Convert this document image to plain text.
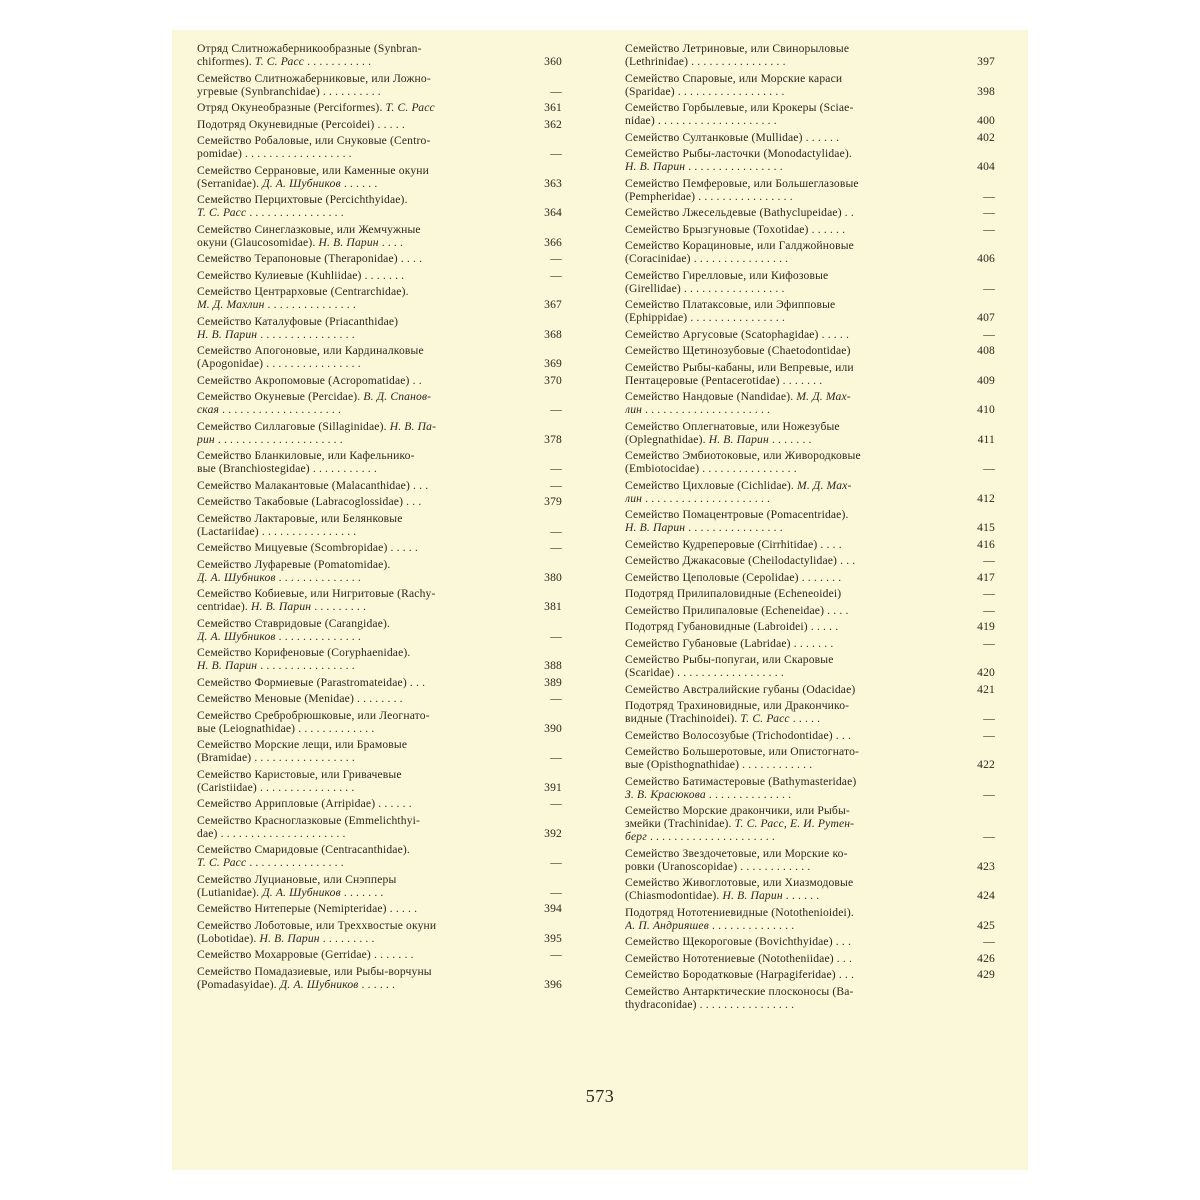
Отряд Слитножаберникообразные (Synbran-
chiformes). Т. С. Расс . . . . . . . . . . .	360
Семейство Слитножаберниковые, или Ложно-
угревые (Synbranchidae) . . . . . . . . . .	—
Отряд Окунеобразные (Perciformes). Т. С. Расс	361
Подотряд Окуневидные (Percoidei) . . . . .	362
Семейство Робаловые, или Снуковые (Centro-
pomidae) . . . . . . . . . . . . . . . . . .	—
Семейство Серрановые, или Каменные окуни
(Serranidae). Д. А. Шубников . . . . . .	363
Семейство Перцихтовые (Percichthyidae).
Т. С. Расс . . . . . . . . . . . . . . . .	364
Семейство Синеглазковые, или Жемчужные
окуни (Glaucosomidae). Н. В. Парин . . . .	366
Семейство Терапоновые (Theraponidae) . . . .	—
Семейство Кулиевые (Kuhliidae) . . . . . . .	—
Семейство Центрарховые (Centrarchidae).
М. Д. Махлин . . . . . . . . . . . . . . .	367
Семейство Каталуфовые (Priacanthidae)
Н. В. Парин . . . . . . . . . . . . . . . .	368
Семейство Апогоновые, или Кардиналковые
(Apogonidae) . . . . . . . . . . . . . . . .	369
Семейство Акропомовые (Acropomatidae) . .	370
Семейство Окуневые (Percidae). В. Д. Спанов-
ская . . . . . . . . . . . . . . . . . . . .	—
Семейство Силлаговые (Sillaginidae). Н. В. Па-
рин . . . . . . . . . . . . . . . . . . . . .	378
Семейство Бланкиловые, или Кафельнико-
вые (Branchiostegidae) . . . . . . . . . . .	—
Семейство Малакантовые (Malacanthidae) . . .	—
Семейство Такабовые (Labracoglossidae) . . .	379
Семейство Лактаровые, или Белянковые
(Lactariidae) . . . . . . . . . . . . . . . .	—
Семейство Мицуевые (Scombropidae) . . . . .	—
Семейство Луфаревые (Pomatomidae).
Д. А. Шубников . . . . . . . . . . . . . .	380
Семейство Кобиевые, или Нигритовые (Rachy-
centridae). Н. В. Парин . . . . . . . . .	381
Семейство Ставридовые (Carangidae).
Д. А. Шубников . . . . . . . . . . . . . .	—
Семейство Корифеновые (Coryphaenidae).
Н. В. Парин . . . . . . . . . . . . . . . .	388
Семейство Формиевые (Parastromateidae) . . .	389
Семейство Меновые (Menidae) . . . . . . . .	—
Семейство Сребробрюшковые, или Леогнато-
вые (Leiognathidae) . . . . . . . . . . . . .	390
Семейство Морские лещи, или Брамовые
(Bramidae) . . . . . . . . . . . . . . . . .	—
Семейство Каристовые, или Гривачевые
(Caristiidae) . . . . . . . . . . . . . . . .	391
Семейство Аррипловые (Arripidae) . . . . . .	—
Семейство Красноглазковые (Emmelichthyi-
dae) . . . . . . . . . . . . . . . . . . . . .	392
Семейство Смаридовые (Centracanthidae).
Т. С. Расс . . . . . . . . . . . . . . . .	—
Семейство Луциановые, или Снэпперы
(Lutianidae). Д. А. Шубников . . . . . . .	—
Семейство Нитеперые (Nemipteridae) . . . . .	394
Семейство Лоботовые, или Треххвостые окуни
(Lobotidae). Н. В. Парин . . . . . . . . .	395
Семейство Мохарровые (Gerridae) . . . . . . .	—
Семейство Помадазиевые, или Рыбы-ворчуны
(Pomadasyidae). Д. А. Шубников . . . . . .	396
Семейство Летриновые, или Свинорыловые
(Lethrinidae) . . . . . . . . . . . . . . . .	397
Семейство Спаровые, или Морские караси
(Sparidae) . . . . . . . . . . . . . . . . . .	398
Семейство Горбылевые, или Крокеры (Sciae-
nidae) . . . . . . . . . . . . . . . . . . . .	400
Семейство Султанковые (Mullidae) . . . . . .	402
Семейство Рыбы-ласточки (Monodactylidae).
Н. В. Парин . . . . . . . . . . . . . . . .	404
Семейство Пемферовые, или Большеглазовые
(Pempheridae) . . . . . . . . . . . . . . . .	—
Семейство Лжесельдевые (Bathyclupeidae) . .	—
Семейство Брызгуновые (Toxotidae) . . . . . .	—
Семейство Корациновые, или Галджойновые
(Coracinidae) . . . . . . . . . . . . . . . .	406
Семейство Гирелловые, или Кифозовые
(Girellidae) . . . . . . . . . . . . . . . . .	—
Семейство Платаксовые, или Эфипповые
(Ephippidae) . . . . . . . . . . . . . . . .	407
Семейство Аргусовые (Scatophagidae) . . . . .	—
Семейство Щетинозубовые (Chaetodontidae)	408
Семейство Рыбы-кабаны, или Вепревые, или
Пентацеровые (Pentacerotidae) . . . . . . .	409
Семейство Нандовые (Nandidae). М. Д. Мах-
лин . . . . . . . . . . . . . . . . . . . . .	410
Семейство Оплегнатовые, или Ножезубые
(Oplegnathidae). Н. В. Парин . . . . . . .	411
Семейство Эмбиотоковые, или Живородковые
(Embiotocidae) . . . . . . . . . . . . . . . .	—
Семейство Цихловые (Cichlidae). М. Д. Мах-
лин . . . . . . . . . . . . . . . . . . . . .	412
Семейство Помацентровые (Pomacentridae).
Н. В. Парин . . . . . . . . . . . . . . . .	415
Семейство Кудреперовые (Cirrhitidae) . . . .	416
Семейство Джакасовые (Cheilodactylidae) . . .	—
Семейство Цеполовые (Cepolidae) . . . . . . .	417
Подотряд Прилипаловидные (Echeneoidei)	—
Семейство Прилипаловые (Echeneidae) . . . .	—
Подотряд Губановидные (Labroidei) . . . . .	419
Семейство Губановые (Labridae) . . . . . . .	—
Семейство Рыбы-попугаи, или Скаровые
(Scaridae) . . . . . . . . . . . . . . . . . .	420
Семейство Австралийские губаны (Odacidae)	421
Подотряд Трахиновидные, или Дракончико-
видные (Trachinoidei). Т. С. Расс . . . . .	—
Семейство Волосозубые (Trichodontidae) . . .	—
Семейство Большеротовые, или Опистогнато-
вые (Opisthognathidae) . . . . . . . . . . . .	422
Семейство Батимастеровые (Bathymasteridae)
З. В. Красюкова . . . . . . . . . . . . . .	—
Семейство Морские дракончики, или Рыбы-
змейки (Trachinidae). Т. С. Расс, Е. И. Рутен-
берг . . . . . . . . . . . . . . . . . . . . .	—
Семейство Звездочетовые, или Морские ко-
ровки (Uranoscopidae) . . . . . . . . . . . .	423
Семейство Живоглотовые, или Хиазмодовые
(Chiasmodontidae). Н. В. Парин . . . . . .	424
Подотряд Нототениевидные (Notothenioidei).
А. П. Андрияшев . . . . . . . . . . . . . .	425
Семейство Щекороговые (Bovichthyidae) . . .	—
Семейство Нототениевые (Nototheniidae) . . .	426
Семейство Бородатковые (Harpagiferidae) . . .	429
Семейство Антарктические плосконосы (Ba-
thydraconidae) . . . . . . . . . . . . . . . .
573
